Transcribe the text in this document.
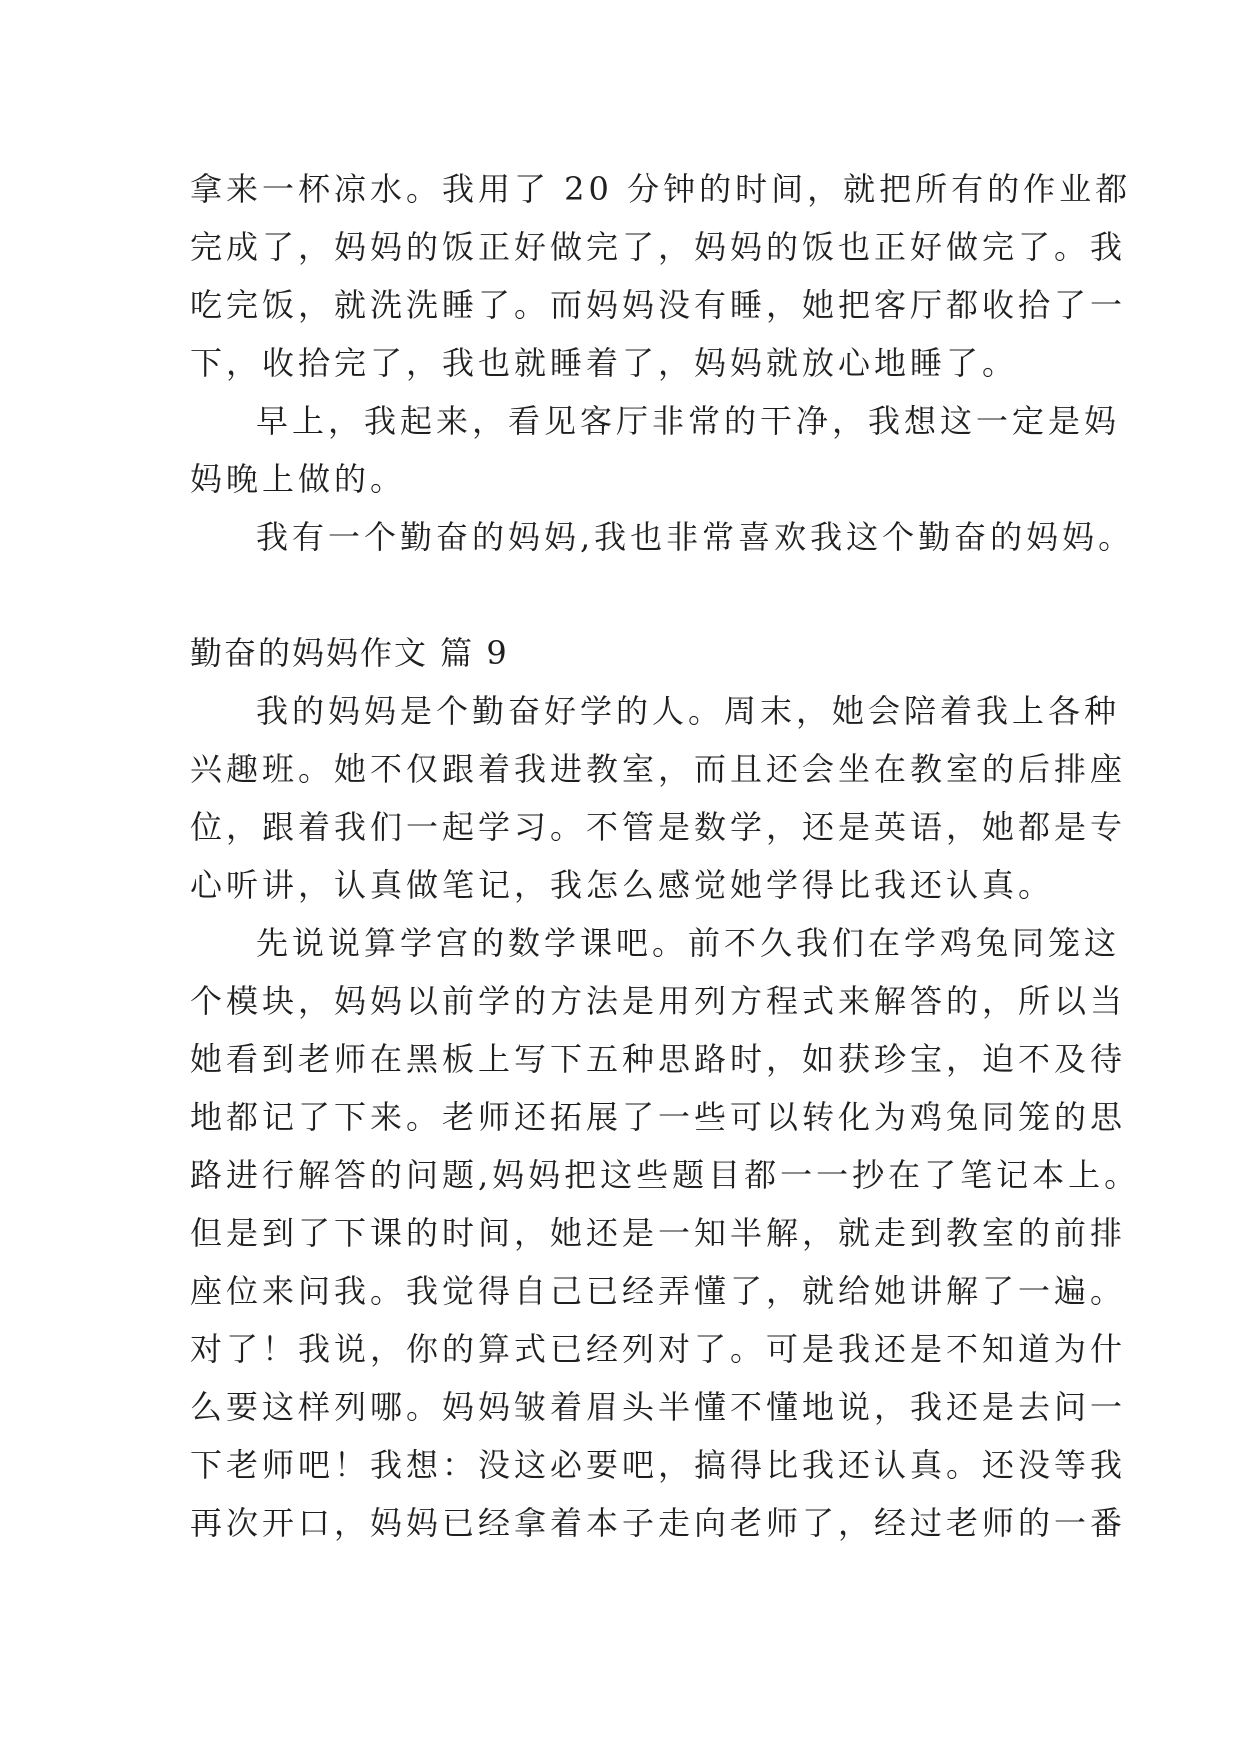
拿来一杯凉水。我用了 20 分钟的时间，就把所有的作业都
完成了，妈妈的饭正好做完了，妈妈的饭也正好做完了。我
吃完饭，就洗洗睡了。而妈妈没有睡，她把客厅都收拾了一
下，收拾完了，我也就睡着了，妈妈就放心地睡了。
早上，我起来，看见客厅非常的干净，我想这一定是妈
妈晚上做的。
我有一个勤奋的妈妈,我也非常喜欢我这个勤奋的妈妈。
勤奋的妈妈作文 篇 9
我的妈妈是个勤奋好学的人。周末，她会陪着我上各种
兴趣班。她不仅跟着我进教室，而且还会坐在教室的后排座
位，跟着我们一起学习。不管是数学，还是英语，她都是专
心听讲，认真做笔记，我怎么感觉她学得比我还认真。
先说说算学宫的数学课吧。前不久我们在学鸡兔同笼这
个模块，妈妈以前学的方法是用列方程式来解答的，所以当
她看到老师在黑板上写下五种思路时，如获珍宝，迫不及待
地都记了下来。老师还拓展了一些可以转化为鸡兔同笼的思
路进行解答的问题,妈妈把这些题目都一一抄在了笔记本上。
但是到了下课的时间，她还是一知半解，就走到教室的前排
座位来问我。我觉得自己已经弄懂了，就给她讲解了一遍。
对了！我说，你的算式已经列对了。可是我还是不知道为什
么要这样列哪。妈妈皱着眉头半懂不懂地说，我还是去问一
下老师吧！我想：没这必要吧，搞得比我还认真。还没等我
再次开口，妈妈已经拿着本子走向老师了，经过老师的一番
